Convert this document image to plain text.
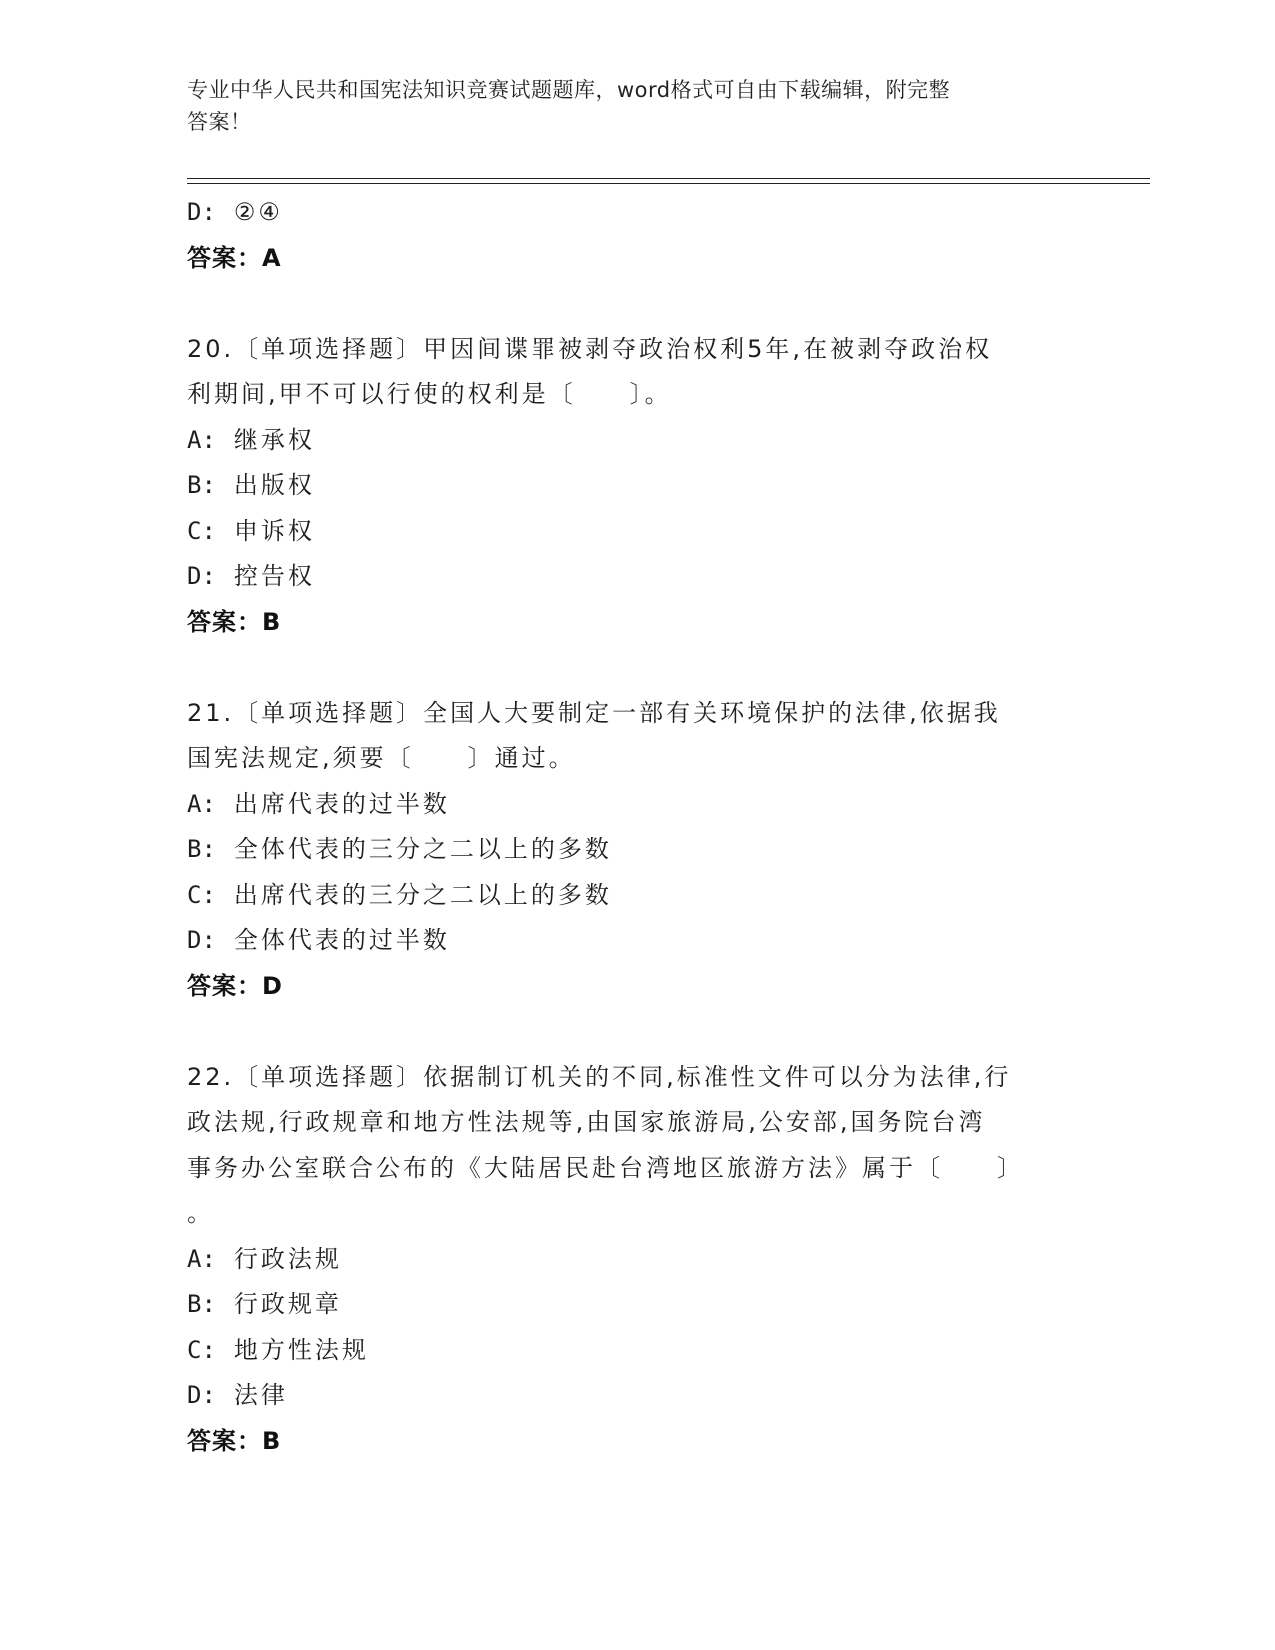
专业中华人民共和国宪法知识竞赛试题题库，word格式可自由下载编辑，附完整
答案！
D: ②④
答案：A
20.〔单项选择题〕甲因间谍罪被剥夺政治权利5年,在被剥夺政治权
利期间,甲不可以行使的权利是〔　　〕。
A: 继承权
B: 出版权
C: 申诉权
D: 控告权
答案：B
21.〔单项选择题〕全国人大要制定一部有关环境保护的法律,依据我
国宪法规定,须要〔　　〕通过。
A: 出席代表的过半数
B: 全体代表的三分之二以上的多数
C: 出席代表的三分之二以上的多数
D: 全体代表的过半数
答案：D
22.〔单项选择题〕依据制订机关的不同,标准性文件可以分为法律,行
政法规,行政规章和地方性法规等,由国家旅游局,公安部,国务院台湾
事务办公室联合公布的《大陆居民赴台湾地区旅游方法》属于〔　　〕
。
A: 行政法规
B: 行政规章
C: 地方性法规
D: 法律
答案：B
